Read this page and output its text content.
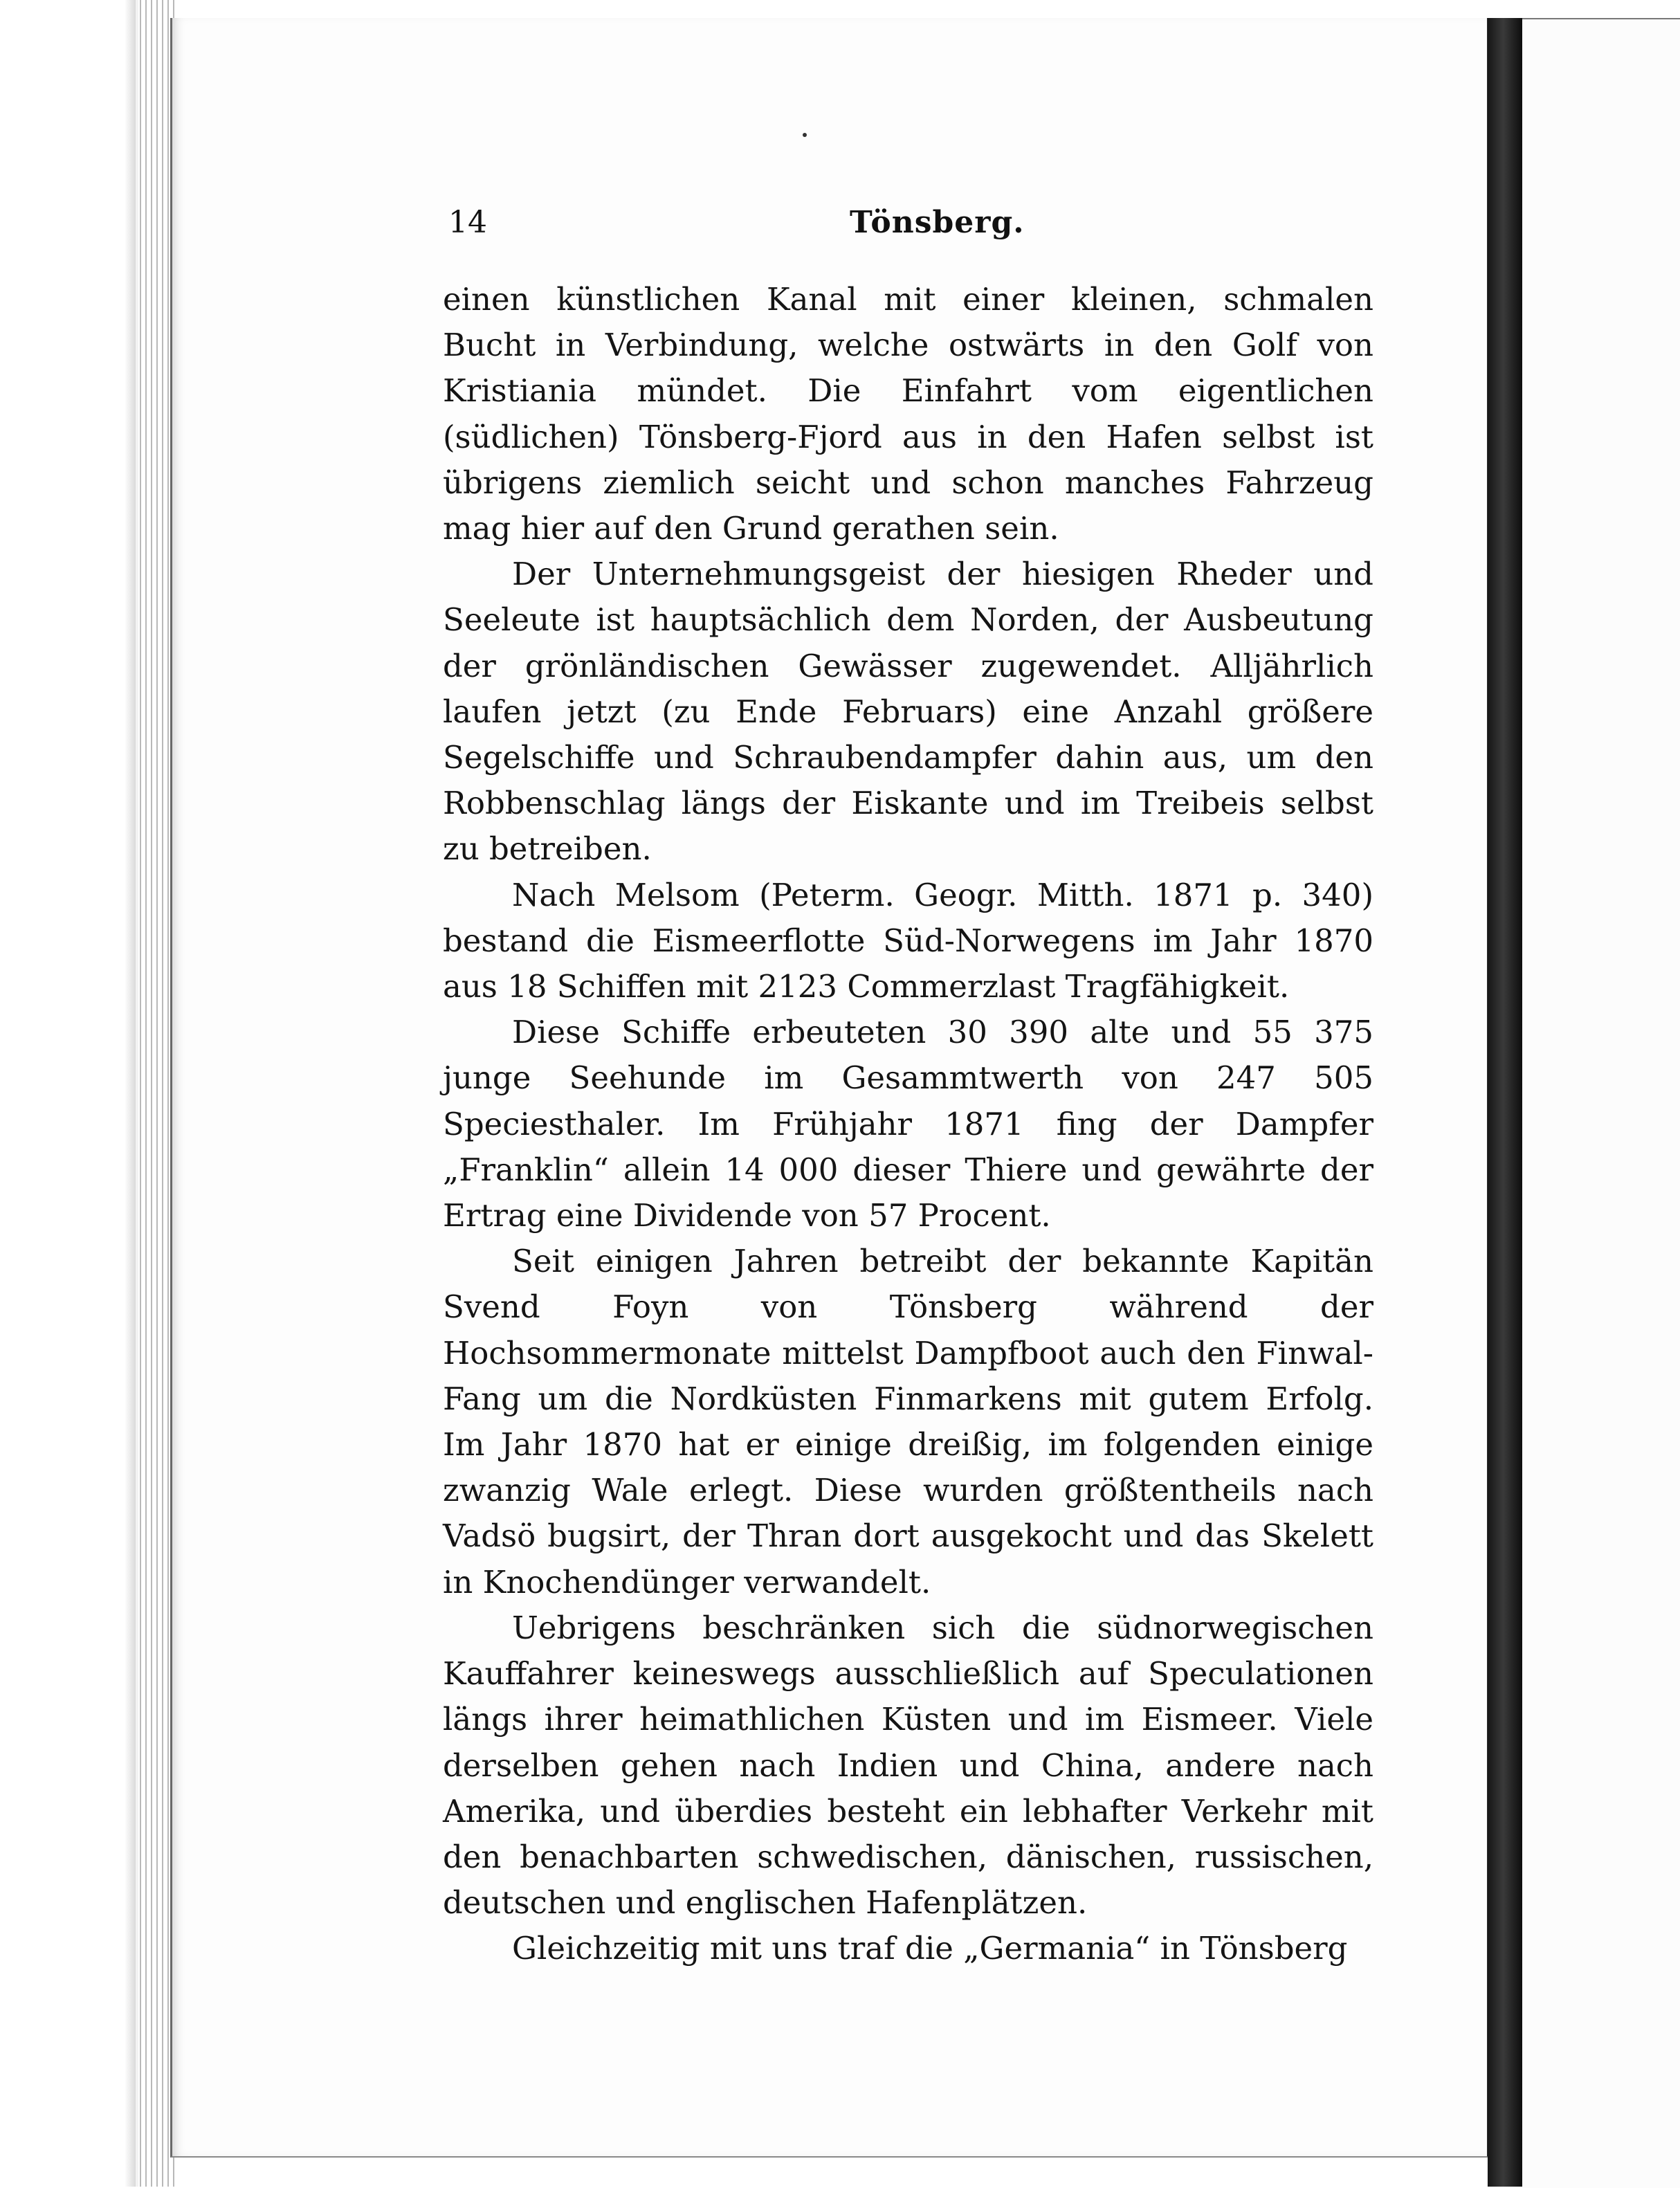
14	Tönsberg.

einen künstlichen Kanal mit einer kleinen, schmalen Bucht in Verbindung, welche ostwärts in den Golf von Kristiania mündet. Die Einfahrt vom eigentlichen (südlichen) Tönsberg-Fjord aus in den Hafen selbst ist übrigens ziemlich seicht und schon manches Fahrzeug mag hier auf den Grund gerathen sein.

Der Unternehmungsgeist der hiesigen Rheder und Seeleute ist hauptsächlich dem Norden, der Ausbeutung der grönländischen Gewässer zugewendet. Alljährlich laufen jetzt (zu Ende Februars) eine Anzahl größere Segelschiffe und Schraubendampfer dahin aus, um den Robbenschlag längs der Eiskante und im Treibeis selbst zu betreiben.

Nach Melsom (Peterm. Geogr. Mitth. 1871 p. 340) bestand die Eismeerflotte Süd-Norwegens im Jahr 1870 aus 18 Schiffen mit 2123 Commerzlast Tragfähigkeit.

Diese Schiffe erbeuteten 30 390 alte und 55 375 junge Seehunde im Gesammtwerth von 247 505 Speciesthaler. Im Frühjahr 1871 fing der Dampfer „Franklin“ allein 14 000 dieser Thiere und gewährte der Ertrag eine Dividende von 57 Procent.

Seit einigen Jahren betreibt der bekannte Kapitän Svend Foyn von Tönsberg während der Hochsommermonate mittelst Dampfboot auch den Finwal-Fang um die Nordküsten Finmarkens mit gutem Erfolg. Im Jahr 1870 hat er einige dreißig, im folgenden einige zwanzig Wale erlegt. Diese wurden größtentheils nach Vadsö bugsirt, der Thran dort ausgekocht und das Skelett in Knochendünger verwandelt.

Uebrigens beschränken sich die südnorwegischen Kauffahrer keineswegs ausschließlich auf Speculationen längs ihrer heimathlichen Küsten und im Eismeer. Viele derselben gehen nach Indien und China, andere nach Amerika, und überdies besteht ein lebhafter Verkehr mit den benachbarten schwedischen, dänischen, russischen, deutschen und englischen Hafenplätzen.

Gleichzeitig mit uns traf die „Germania“ in Tönsberg
